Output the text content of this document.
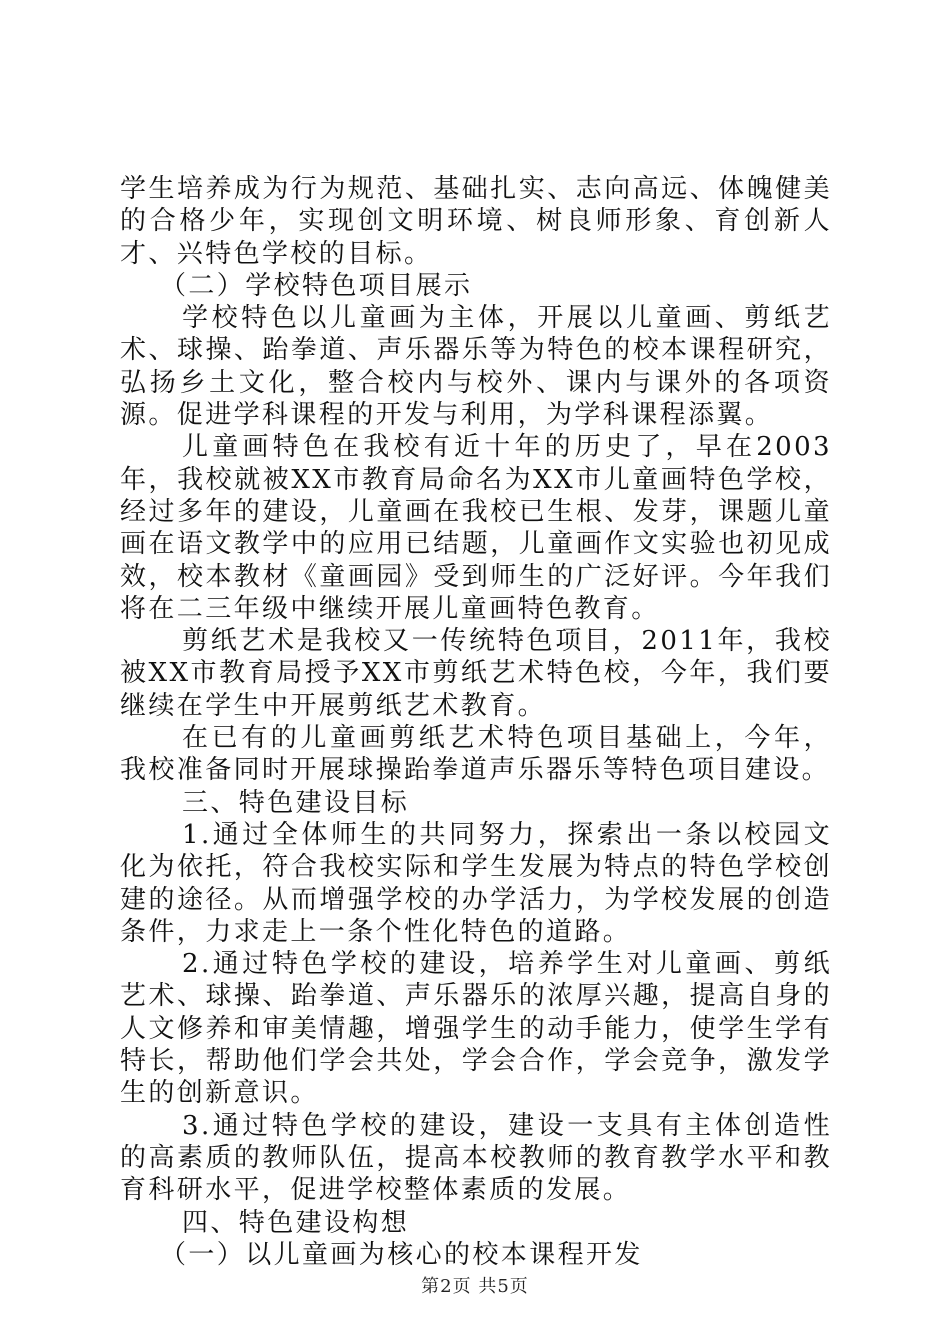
学生培养成为行为规范、基础扎实、志向高远、体魄健美的合格少年，实现创文明环境、树良师形象、育创新人才、兴特色学校的目标。

（二）学校特色项目展示

学校特色以儿童画为主体，开展以儿童画、剪纸艺术、球操、跆拳道、声乐器乐等为特色的校本课程研究，弘扬乡土文化，整合校内与校外、课内与课外的各项资源。促进学科课程的开发与利用，为学科课程添翼。

儿童画特色在我校有近十年的历史了，早在2003年，我校就被XX市教育局命名为XX市儿童画特色学校，经过多年的建设，儿童画在我校已生根、发芽，课题儿童画在语文教学中的应用已结题，儿童画作文实验也初见成效，校本教材《童画园》受到师生的广泛好评。今年我们将在二三年级中继续开展儿童画特色教育。

剪纸艺术是我校又一传统特色项目，2011年，我校被XX市教育局授予XX市剪纸艺术特色校，今年，我们要继续在学生中开展剪纸艺术教育。

在已有的儿童画剪纸艺术特色项目基础上，今年，我校准备同时开展球操跆拳道声乐器乐等特色项目建设。

三、特色建设目标

1.通过全体师生的共同努力，探索出一条以校园文化为依托，符合我校实际和学生发展为特点的特色学校创建的途径。从而增强学校的办学活力，为学校发展的创造条件，力求走上一条个性化特色的道路。

2.通过特色学校的建设，培养学生对儿童画、剪纸艺术、球操、跆拳道、声乐器乐的浓厚兴趣，提高自身的人文修养和审美情趣，增强学生的动手能力，使学生学有特长，帮助他们学会共处，学会合作，学会竞争，激发学生的创新意识。

3.通过特色学校的建设，建设一支具有主体创造性的高素质的教师队伍，提高本校教师的教育教学水平和教育科研水平，促进学校整体素质的发展。

四、特色建设构想

（一）以儿童画为核心的校本课程开发

第2页 共5页
